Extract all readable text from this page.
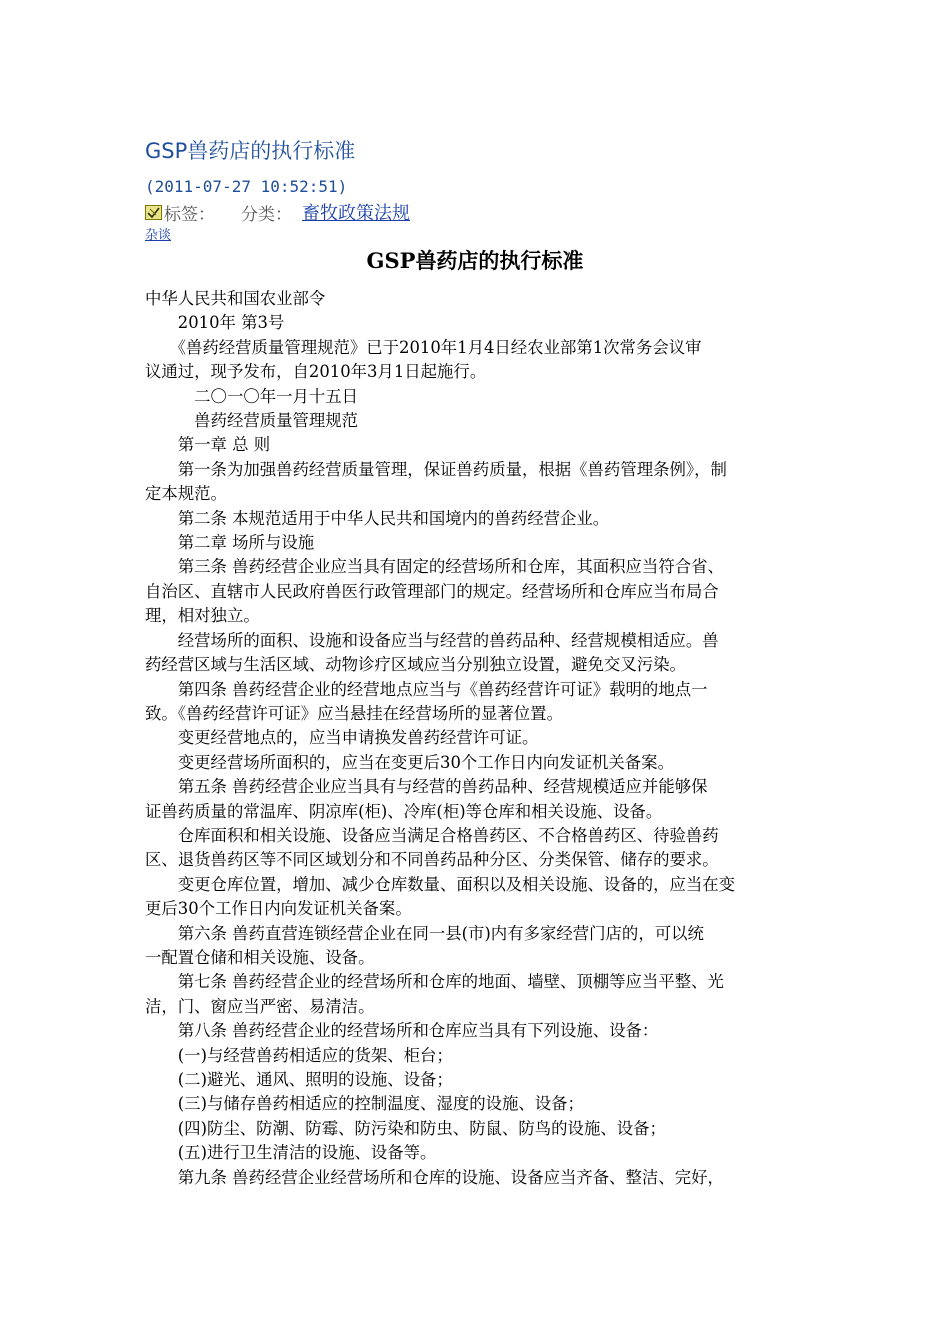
GSP兽药店的执行标准
(2011-07-27 10:52:51)
标签： 分类： 畜牧政策法规
杂谈
GSP兽药店的执行标准

中华人民共和国农业部令

　　2010年 第3号

　　《兽药经营质量管理规范》已于2010年1月4日经农业部第1次常务会议审

议通过，现予发布，自2010年3月1日起施行。

　　　二〇一〇年一月十五日

　　　兽药经营质量管理规范

　　第一章 总 则

　　第一条为加强兽药经营质量管理，保证兽药质量，根据《兽药管理条例》，制

定本规范。

　　第二条 本规范适用于中华人民共和国境内的兽药经营企业。

　　第二章 场所与设施

　　第三条 兽药经营企业应当具有固定的经营场所和仓库，其面积应当符合省、

自治区、直辖市人民政府兽医行政管理部门的规定。经营场所和仓库应当布局合

理，相对独立。

　　经营场所的面积、设施和设备应当与经营的兽药品种、经营规模相适应。兽

药经营区域与生活区域、动物诊疗区域应当分别独立设置，避免交叉污染。

　　第四条 兽药经营企业的经营地点应当与《兽药经营许可证》载明的地点一

致。《兽药经营许可证》应当悬挂在经营场所的显著位置。

　　变更经营地点的，应当申请换发兽药经营许可证。

　　变更经营场所面积的，应当在变更后30个工作日内向发证机关备案。

　　第五条 兽药经营企业应当具有与经营的兽药品种、经营规模适应并能够保

证兽药质量的常温库、阴凉库(柜)、冷库(柜)等仓库和相关设施、设备。

　　仓库面积和相关设施、设备应当满足合格兽药区、不合格兽药区、待验兽药

区、退货兽药区等不同区域划分和不同兽药品种分区、分类保管、储存的要求。

　　变更仓库位置，增加、减少仓库数量、面积以及相关设施、设备的，应当在变

更后30个工作日内向发证机关备案。

　　第六条 兽药直营连锁经营企业在同一县(市)内有多家经营门店的，可以统

一配置仓储和相关设施、设备。

　　第七条 兽药经营企业的经营场所和仓库的地面、墙壁、顶棚等应当平整、光

洁，门、窗应当严密、易清洁。

　　第八条 兽药经营企业的经营场所和仓库应当具有下列设施、设备：

　　(一)与经营兽药相适应的货架、柜台；

　　(二)避光、通风、照明的设施、设备；

　　(三)与储存兽药相适应的控制温度、湿度的设施、设备；

　　(四)防尘、防潮、防霉、防污染和防虫、防鼠、防鸟的设施、设备；

　　(五)进行卫生清洁的设施、设备等。

　　第九条 兽药经营企业经营场所和仓库的设施、设备应当齐备、整洁、完好，
